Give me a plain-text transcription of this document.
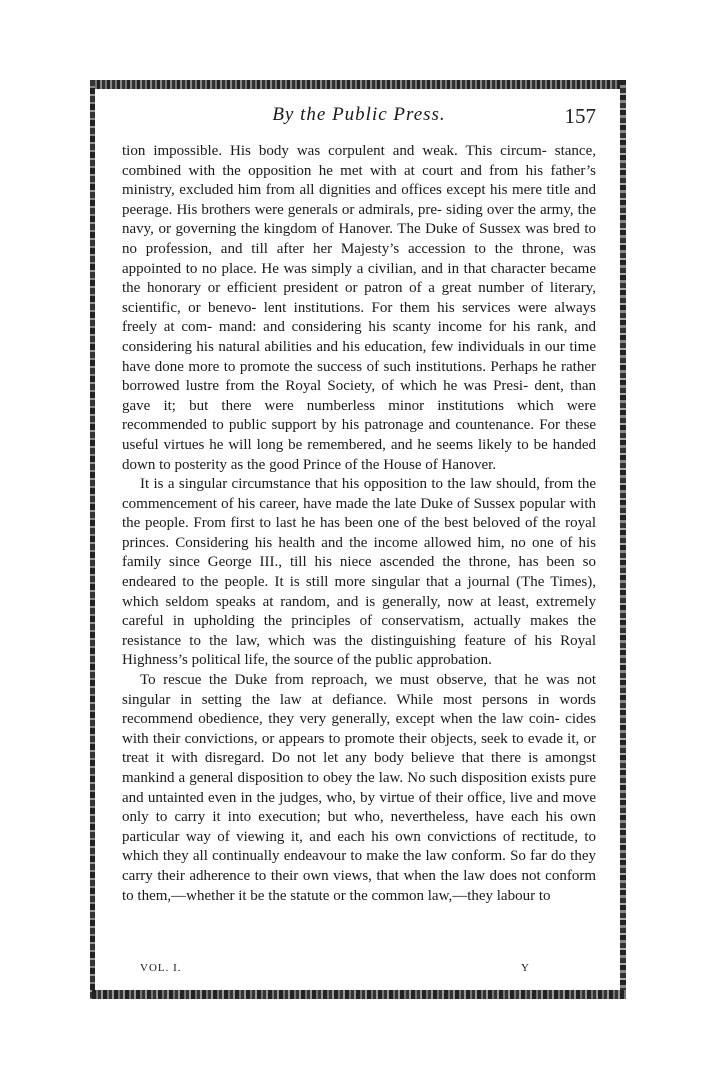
By the Public Press.	157

tion impossible. His body was corpulent and weak. This circum- stance, combined with the opposition he met with at court and from his father’s ministry, excluded him from all dignities and offices except his mere title and peerage. His brothers were generals or admirals, pre- siding over the army, the navy, or governing the kingdom of Hanover. The Duke of Sussex was bred to no profession, and till after her Majesty’s accession to the throne, was appointed to no place. He was simply a civilian, and in that character became the honorary or efficient president or patron of a great number of literary, scientific, or benevo- lent institutions. For them his services were always freely at com- mand: and considering his scanty income for his rank, and considering his natural abilities and his education, few individuals in our time have done more to promote the success of such institutions. Perhaps he rather borrowed lustre from the Royal Society, of which he was Presi- dent, than gave it; but there were numberless minor institutions which were recommended to public support by his patronage and countenance. For these useful virtues he will long be remembered, and he seems likely to be handed down to posterity as the good Prince of the House of Hanover.

It is a singular circumstance that his opposition to the law should, from the commencement of his career, have made the late Duke of Sussex popular with the people. From first to last he has been one of the best beloved of the royal princes. Considering his health and the income allowed him, no one of his family since George III., till his niece ascended the throne, has been so endeared to the people. It is still more singular that a journal (The Times), which seldom speaks at random, and is generally, now at least, extremely careful in upholding the principles of conservatism, actually makes the resistance to the law, which was the distinguishing feature of his Royal Highness’s political life, the source of the public approbation.

To rescue the Duke from reproach, we must observe, that he was not singular in setting the law at defiance. While most persons in words recommend obedience, they very generally, except when the law coin- cides with their convictions, or appears to promote their objects, seek to evade it, or treat it with disregard. Do not let any body believe that there is amongst mankind a general disposition to obey the law. No such disposition exists pure and untainted even in the judges, who, by virtue of their office, live and move only to carry it into execution; but who, nevertheless, have each his own particular way of viewing it, and each his own convictions of rectitude, to which they all continually endeavour to make the law conform. So far do they carry their adherence to their own views, that when the law does not conform to them,—whether it be the statute or the common law,—they labour to

VOL. I.	Y
